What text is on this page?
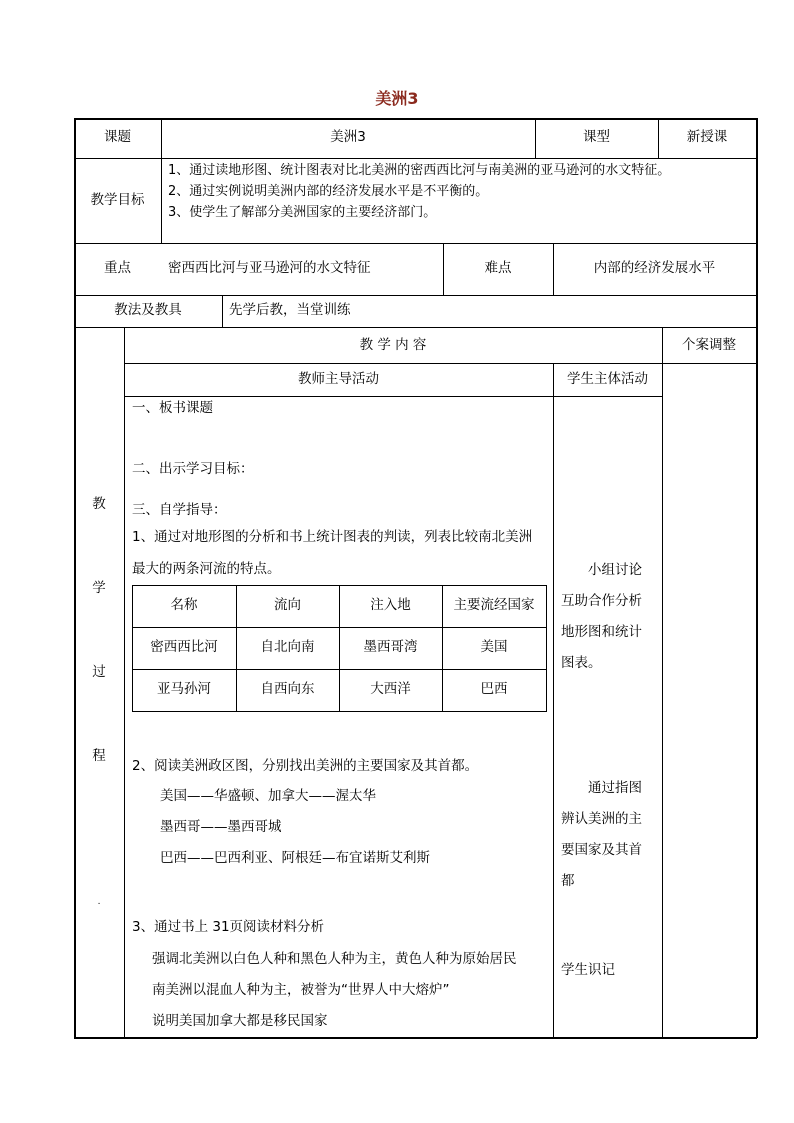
美洲3
课题	美洲3	课型	新授课
教学目标
1、通过读地形图、统计图表对比北美洲的密西西比河与南美洲的亚马逊河的水文特征。
2、通过实例说明美洲内部的经济发展水平是不平衡的。
3、使学生了解部分美洲国家的主要经济部门。
重点	密西西比河与亚马逊河的水文特征	难点	内部的经济发展水平
教法及教具	先学后教，当堂训练
教
学
过
程
.
教 学 内 容	个案调整
教师主导活动	学生主体活动
一、板书课题
二、出示学习目标：
三、自学指导：
1、通过对地形图的分析和书上统计图表的判读，列表比较南北美洲
最大的两条河流的特点。
名称	流向	注入地	主要流经国家
密西西比河	自北向南	墨西哥湾	美国
亚马孙河	自西向东	大西洋	巴西
2、阅读美洲政区图，分别找出美洲的主要国家及其首都。
美国——华盛顿、加拿大——渥太华
墨西哥——墨西哥城
巴西——巴西利亚、阿根廷—布宜诺斯艾利斯
3、通过书上 31页阅读材料分析
强调北美洲以白色人种和黑色人种为主，黄色人种为原始居民
南美洲以混血人种为主，被誉为“世界人中大熔炉”
说明美国加拿大都是移民国家
小组讨论
互助合作分析
地形图和统计
图表。
通过指图
辨认美洲的主
要国家及其首
都
学生识记
